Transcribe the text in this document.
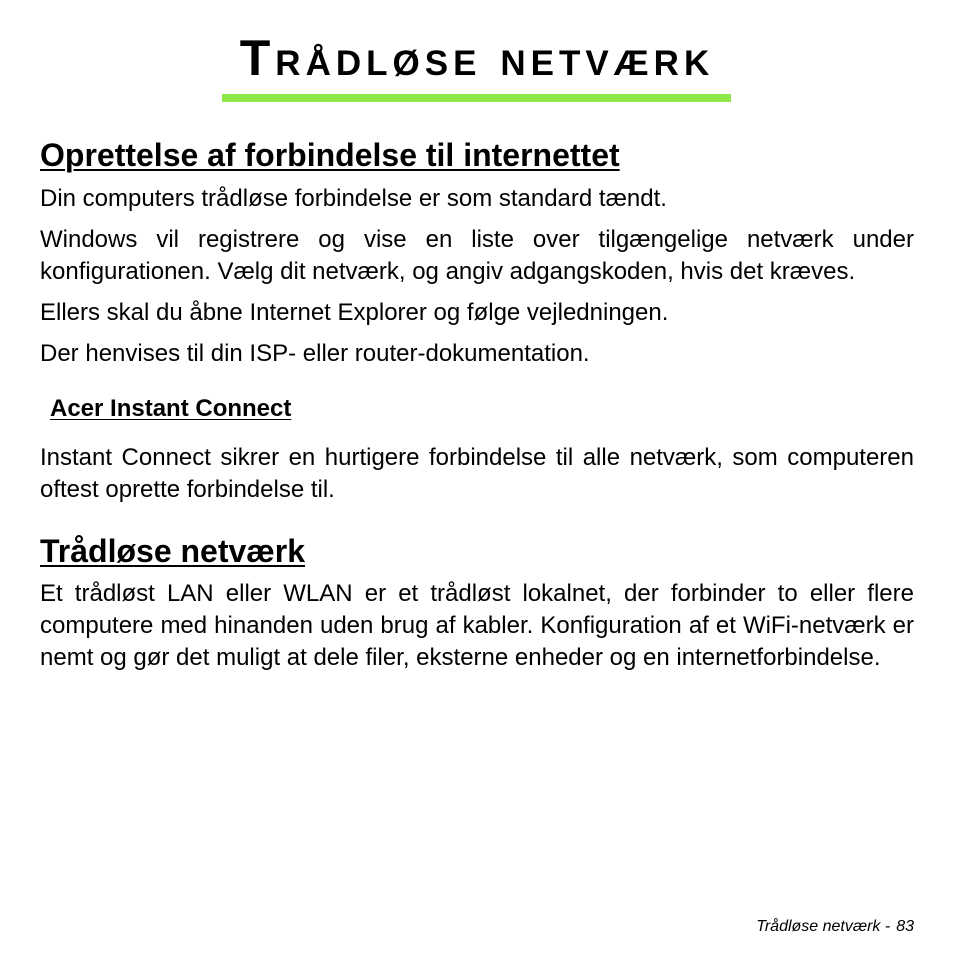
Trådløse netværk
Oprettelse af forbindelse til internettet

Din computers trådløse forbindelse er som standard tændt.

Windows vil registrere og vise en liste over tilgængelige netværk under konfigurationen. Vælg dit netværk, og angiv adgangskoden, hvis det kræves.

Ellers skal du åbne Internet Explorer og følge vejledningen.

Der henvises til din ISP- eller router-dokumentation.

Acer Instant Connect

Instant Connect sikrer en hurtigere forbindelse til alle netværk, som computeren oftest oprette forbindelse til.

Trådløse netværk

Et trådløst LAN eller WLAN er et trådløst lokalnet, der forbinder to eller flere computere med hinanden uden brug af kabler. Konfiguration af et WiFi-netværk er nemt og gør det muligt at dele filer, eksterne enheder og en internetforbindelse.

Trådløse netværk - 83
